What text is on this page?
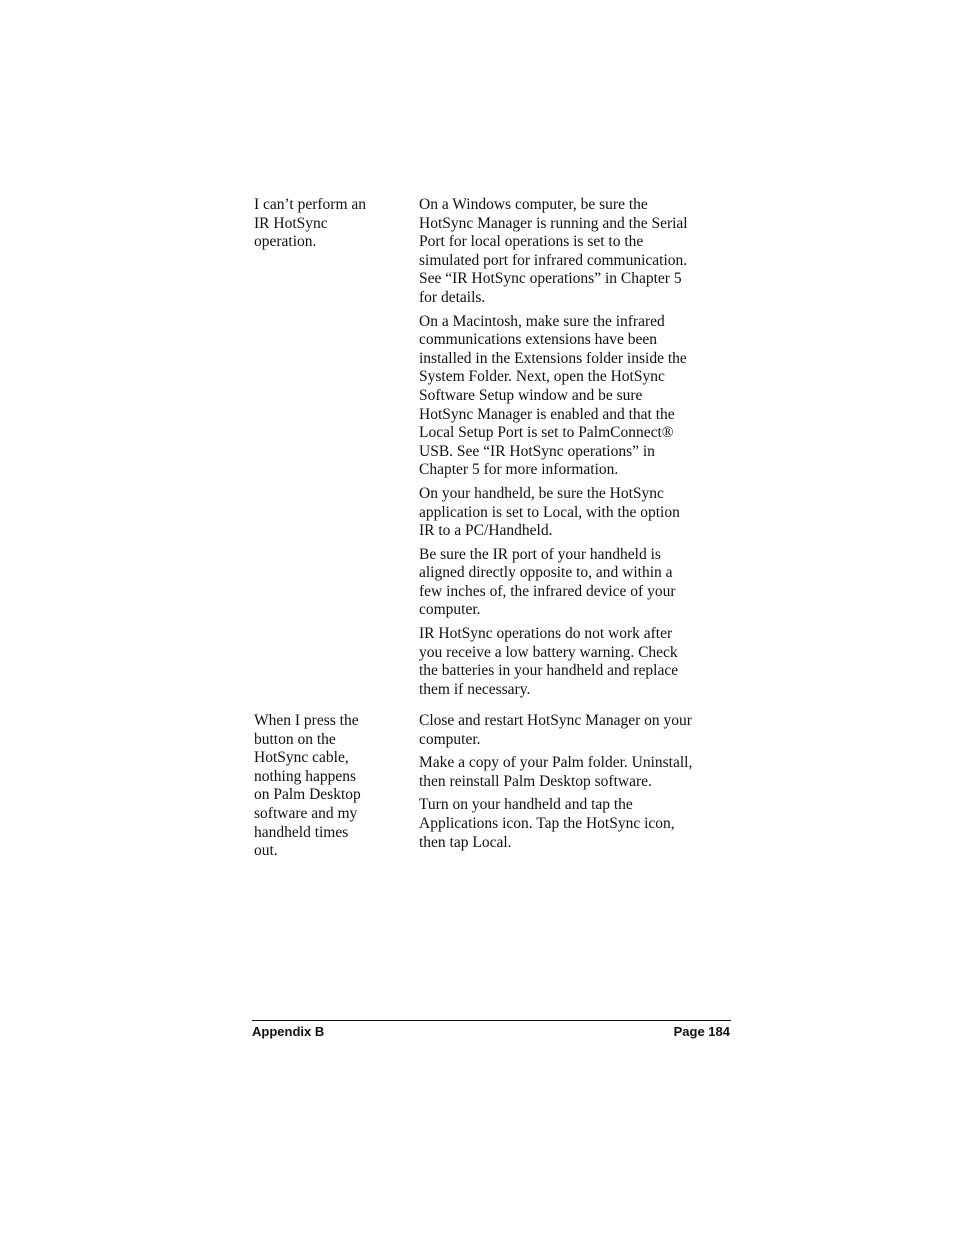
I can’t perform an
IR HotSync
operation.

On a Windows computer, be sure the
HotSync Manager is running and the Serial
Port for local operations is set to the
simulated port for infrared communication.
See “IR HotSync operations” in Chapter 5
for details.

On a Macintosh, make sure the infrared
communications extensions have been
installed in the Extensions folder inside the
System Folder. Next, open the HotSync
Software Setup window and be sure
HotSync Manager is enabled and that the
Local Setup Port is set to PalmConnect®
USB. See “IR HotSync operations” in
Chapter 5 for more information.

On your handheld, be sure the HotSync
application is set to Local, with the option
IR to a PC/Handheld.

Be sure the IR port of your handheld is
aligned directly opposite to, and within a
few inches of, the infrared device of your
computer.

IR HotSync operations do not work after
you receive a low battery warning. Check
the batteries in your handheld and replace
them if necessary.

When I press the
button on the
HotSync cable,
nothing happens
on Palm Desktop
software and my
handheld times
out.

Close and restart HotSync Manager on your
computer.

Make a copy of your Palm folder. Uninstall,
then reinstall Palm Desktop software.

Turn on your handheld and tap the
Applications icon. Tap the HotSync icon,
then tap Local.

Appendix B	Page 184
